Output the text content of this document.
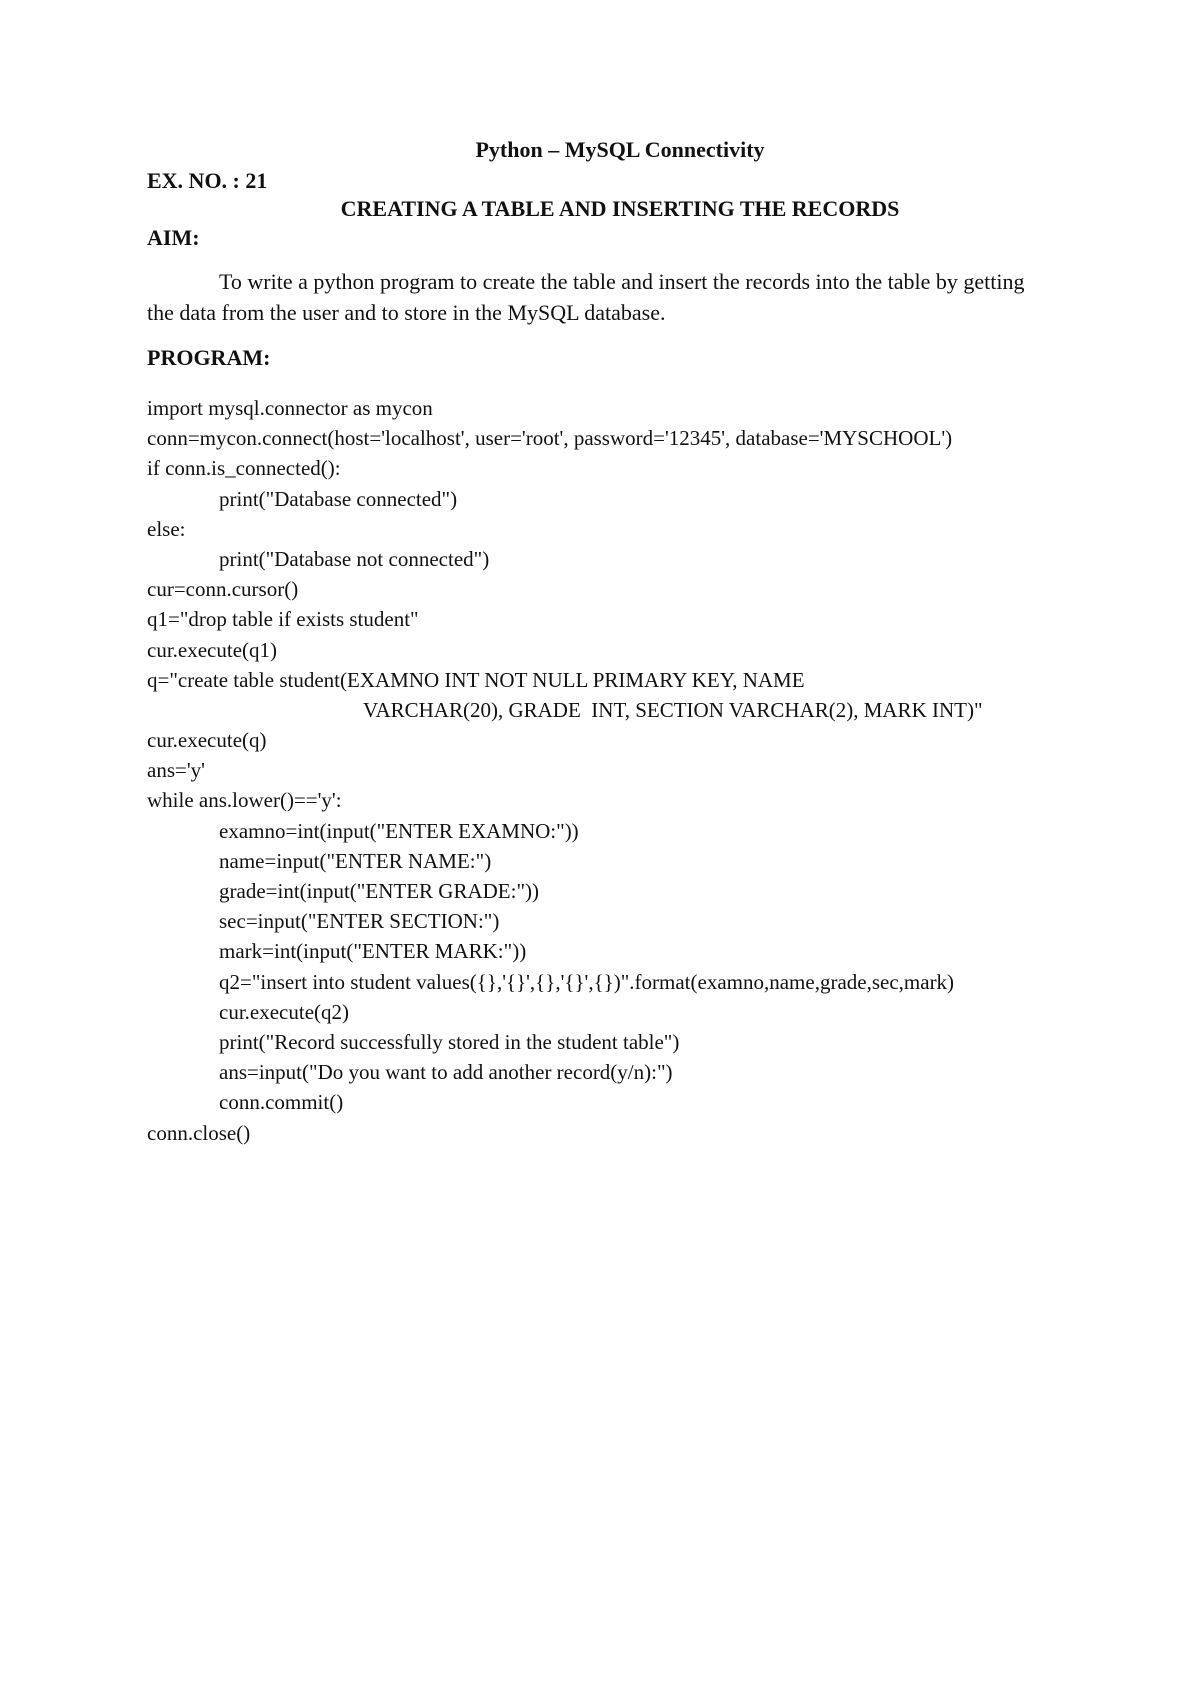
Python – MySQL Connectivity
EX. NO. : 21
CREATING A TABLE AND INSERTING THE RECORDS
AIM:
To write a python program to create the table and insert the records into the table by getting the data from the user and to store in the MySQL database.
PROGRAM:
import mysql.connector as mycon
conn=mycon.connect(host='localhost', user='root', password='12345', database='MYSCHOOL')
if conn.is_connected():
print("Database connected")
else:
print("Database not connected")
cur=conn.cursor()
q1="drop table if exists student"
cur.execute(q1)
q="create table student(EXAMNO INT NOT NULL PRIMARY KEY, NAME
VARCHAR(20), GRADE  INT, SECTION VARCHAR(2), MARK INT)"
cur.execute(q)
ans='y'
while ans.lower()=='y':
examno=int(input("ENTER EXAMNO:"))
name=input("ENTER NAME:")
grade=int(input("ENTER GRADE:"))
sec=input("ENTER SECTION:")
mark=int(input("ENTER MARK:"))
q2="insert into student values({},'{}',{},'{}',{})".format(examno,name,grade,sec,mark)
cur.execute(q2)
print("Record successfully stored in the student table")
ans=input("Do you want to add another record(y/n):")
conn.commit()
conn.close()
